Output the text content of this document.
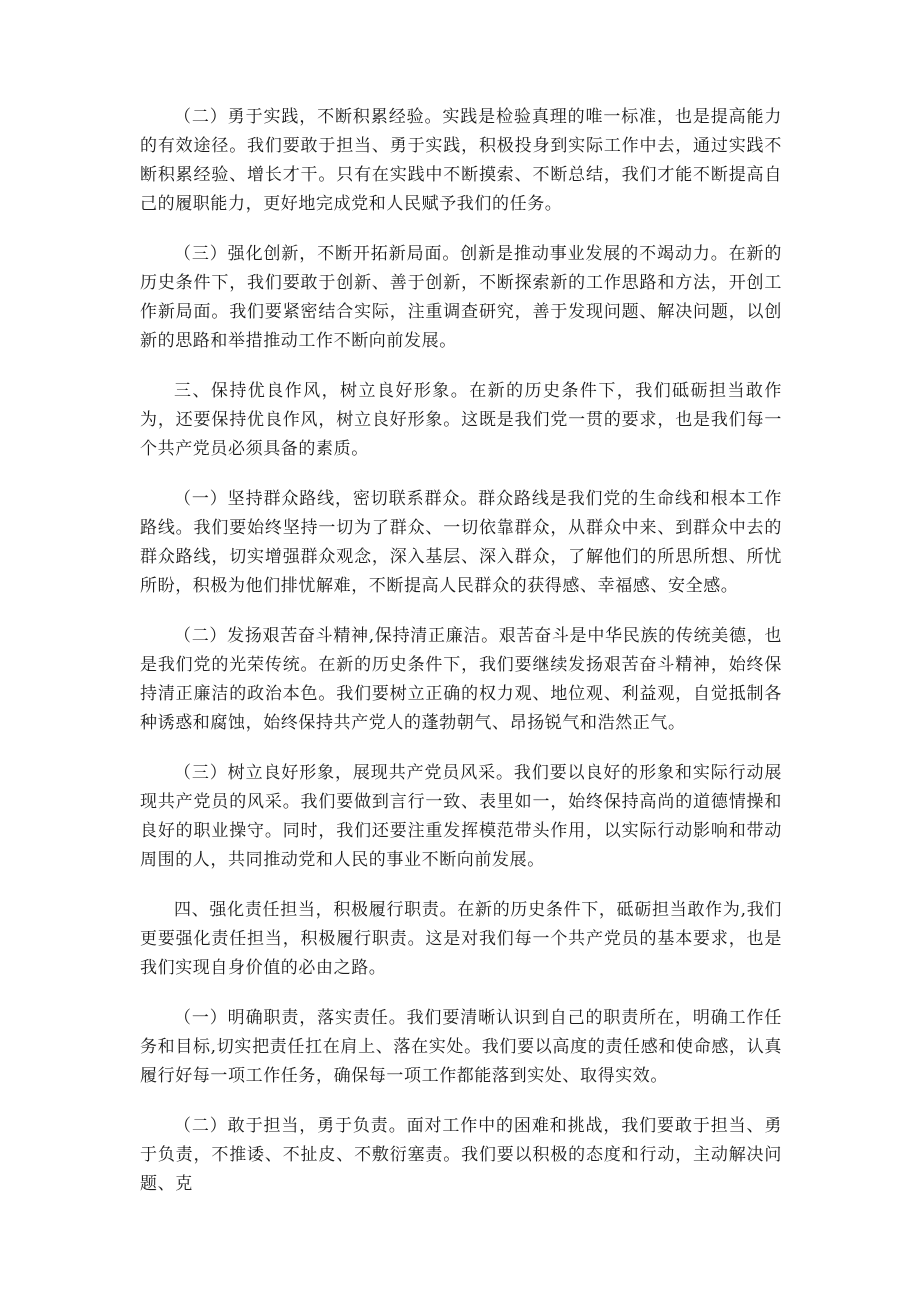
（二）勇于实践，不断积累经验。实践是检验真理的唯一标准，也是提高能力的有效途径。我们要敢于担当、勇于实践，积极投身到实际工作中去，通过实践不断积累经验、增长才干。只有在实践中不断摸索、不断总结，我们才能不断提高自己的履职能力，更好地完成党和人民赋予我们的任务。

（三）强化创新，不断开拓新局面。创新是推动事业发展的不竭动力。在新的历史条件下，我们要敢于创新、善于创新，不断探索新的工作思路和方法，开创工作新局面。我们要紧密结合实际，注重调查研究，善于发现问题、解决问题，以创新的思路和举措推动工作不断向前发展。

三、保持优良作风，树立良好形象。在新的历史条件下，我们砥砺担当敢作为，还要保持优良作风，树立良好形象。这既是我们党一贯的要求，也是我们每一个共产党员必须具备的素质。

（一）坚持群众路线，密切联系群众。群众路线是我们党的生命线和根本工作路线。我们要始终坚持一切为了群众、一切依靠群众，从群众中来、到群众中去的群众路线，切实增强群众观念，深入基层、深入群众，了解他们的所思所想、所忧所盼，积极为他们排忧解难，不断提高人民群众的获得感、幸福感、安全感。

（二）发扬艰苦奋斗精神,保持清正廉洁。艰苦奋斗是中华民族的传统美德，也是我们党的光荣传统。在新的历史条件下，我们要继续发扬艰苦奋斗精神，始终保持清正廉洁的政治本色。我们要树立正确的权力观、地位观、利益观，自觉抵制各种诱惑和腐蚀，始终保持共产党人的蓬勃朝气、昂扬锐气和浩然正气。

（三）树立良好形象，展现共产党员风采。我们要以良好的形象和实际行动展现共产党员的风采。我们要做到言行一致、表里如一，始终保持高尚的道德情操和良好的职业操守。同时，我们还要注重发挥模范带头作用，以实际行动影响和带动周围的人，共同推动党和人民的事业不断向前发展。

四、强化责任担当，积极履行职责。在新的历史条件下，砥砺担当敢作为,我们更要强化责任担当，积极履行职责。这是对我们每一个共产党员的基本要求，也是我们实现自身价值的必由之路。

（一）明确职责，落实责任。我们要清晰认识到自己的职责所在，明确工作任务和目标,切实把责任扛在肩上、落在实处。我们要以高度的责任感和使命感，认真履行好每一项工作任务，确保每一项工作都能落到实处、取得实效。

（二）敢于担当，勇于负责。面对工作中的困难和挑战，我们要敢于担当、勇于负责，不推诿、不扯皮、不敷衍塞责。我们要以积极的态度和行动，主动解决问题、克
